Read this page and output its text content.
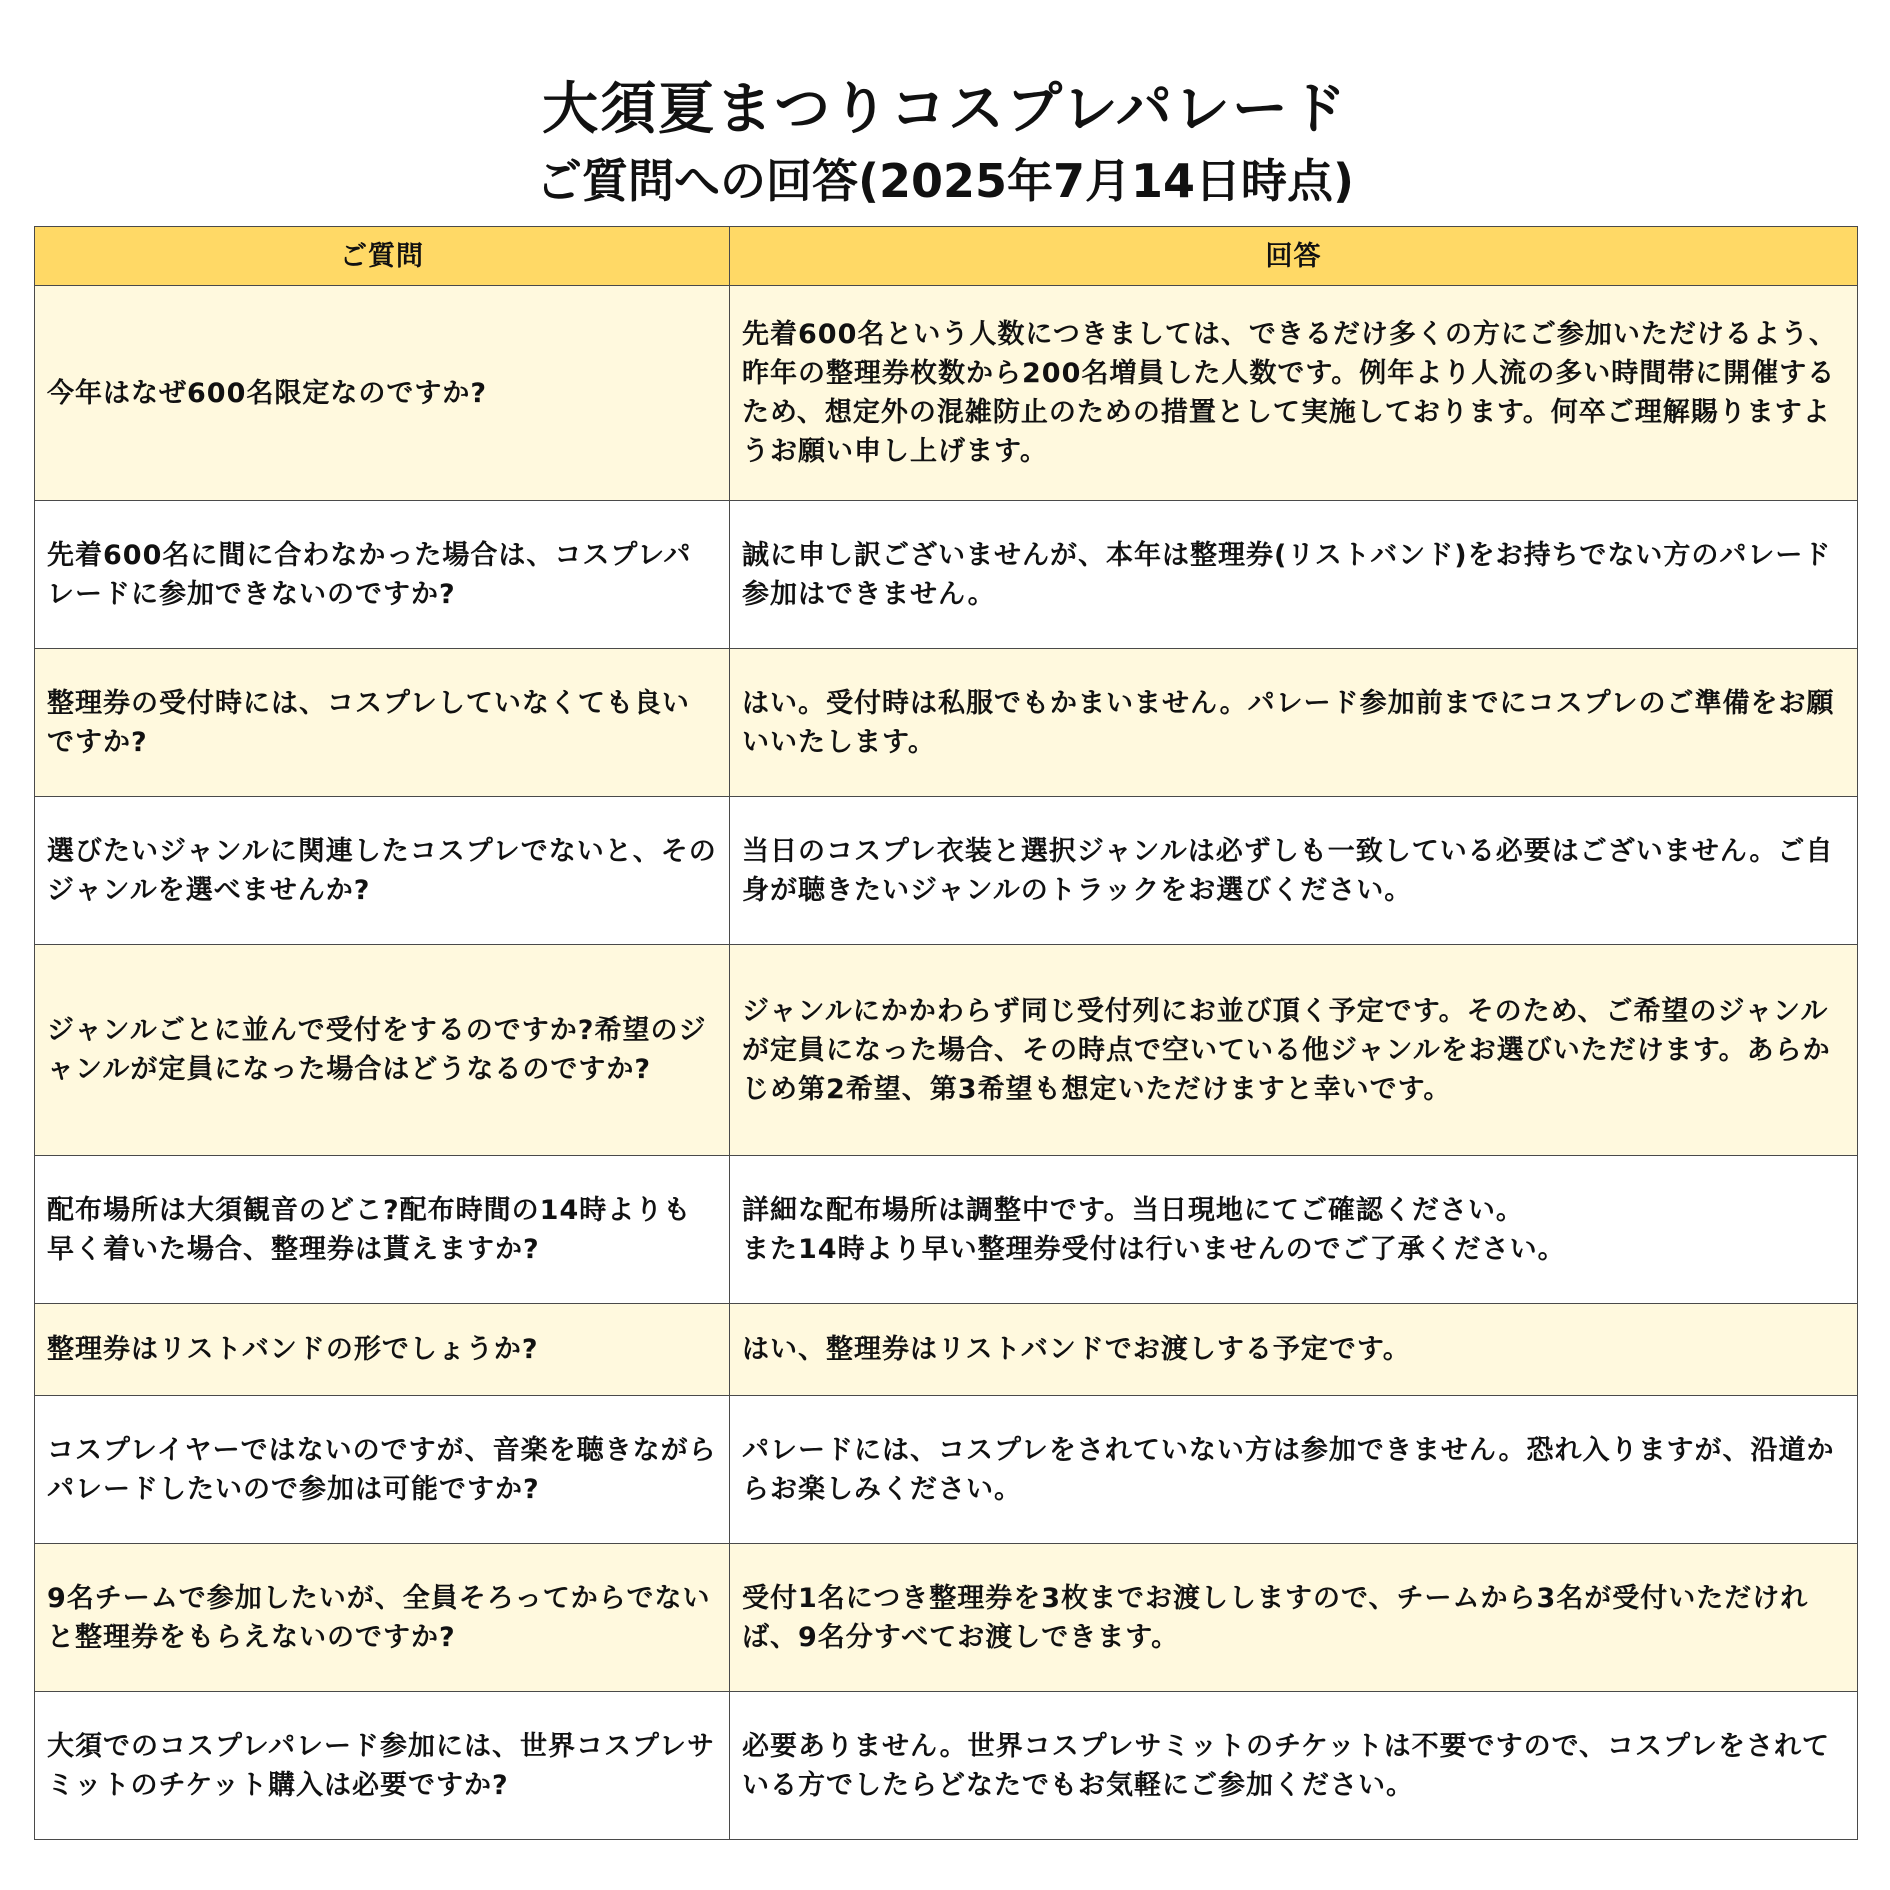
大須夏まつりコスプレパレード
ご質問への回答(2025年7月14日時点)
ご質問	回答
今年はなぜ600名限定なのですか?	先着600名という人数につきましては、できるだけ多くの方にご参加いただけるよう、昨年の整理券枚数から200名増員した人数です。例年より人流の多い時間帯に開催するため、想定外の混雑防止のための措置として実施しております。何卒ご理解賜りますようお願い申し上げます。
先着600名に間に合わなかった場合は、コスプレパレードに参加できないのですか?	誠に申し訳ございませんが、本年は整理券(リストバンド)をお持ちでない方のパレード参加はできません。
整理券の受付時には、コスプレしていなくても良いですか?	はい。受付時は私服でもかまいません。パレード参加前までにコスプレのご準備をお願いいたします。
選びたいジャンルに関連したコスプレでないと、そのジャンルを選べませんか?	当日のコスプレ衣装と選択ジャンルは必ずしも一致している必要はございません。ご自身が聴きたいジャンルのトラックをお選びください。
ジャンルごとに並んで受付をするのですか?希望のジャンルが定員になった場合はどうなるのですか?	ジャンルにかかわらず同じ受付列にお並び頂く予定です。そのため、ご希望のジャンルが定員になった場合、その時点で空いている他ジャンルをお選びいただけます。あらかじめ第2希望、第3希望も想定いただけますと幸いです。
配布場所は大須観音のどこ?配布時間の14時よりも早く着いた場合、整理券は貰えますか?	詳細な配布場所は調整中です。当日現地にてご確認ください。
また14時より早い整理券受付は行いませんのでご了承ください。
整理券はリストバンドの形でしょうか?	はい、整理券はリストバンドでお渡しする予定です。
コスプレイヤーではないのですが、音楽を聴きながらパレードしたいので参加は可能ですか?	パレードには、コスプレをされていない方は参加できません。恐れ入りますが、沿道からお楽しみください。
9名チームで参加したいが、全員そろってからでないと整理券をもらえないのですか?	受付1名につき整理券を3枚までお渡ししますので、チームから3名が受付いただければ、9名分すべてお渡しできます。
大須でのコスプレパレード参加には、世界コスプレサミットのチケット購入は必要ですか?	必要ありません。世界コスプレサミットのチケットは不要ですので、コスプレをされている方でしたらどなたでもお気軽にご参加ください。
